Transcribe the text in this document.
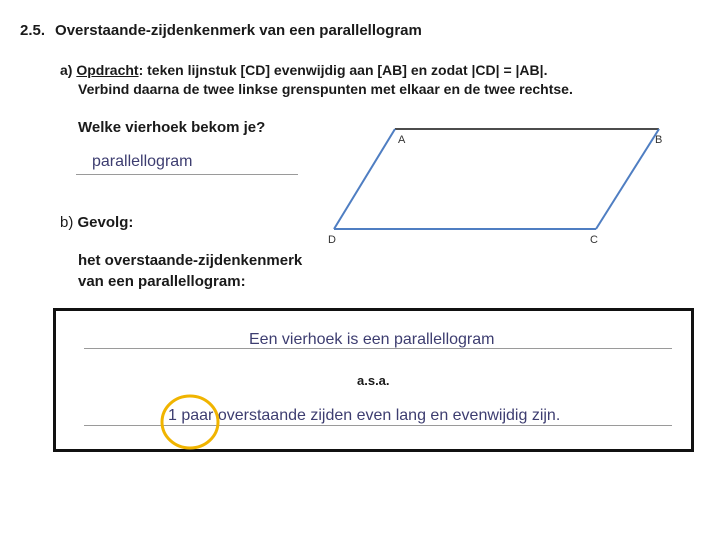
2.5. Overstaande-zijdenkenmerk van een parallellogram
a) Opdracht: teken lijnstuk [CD] evenwijdig aan [AB] en zodat |CD| = |AB|.
Verbind daarna de twee linkse grenspunten met elkaar en de twee rechtse.
Welke vierhoek bekom je?
parallellogram
A	B
D	C
b) Gevolg:
het overstaande-zijdenkenmerk
van een parallellogram:
Een vierhoek is een parallellogram
a.s.a.
1 paar overstaande zijden even lang en evenwijdig zijn.
